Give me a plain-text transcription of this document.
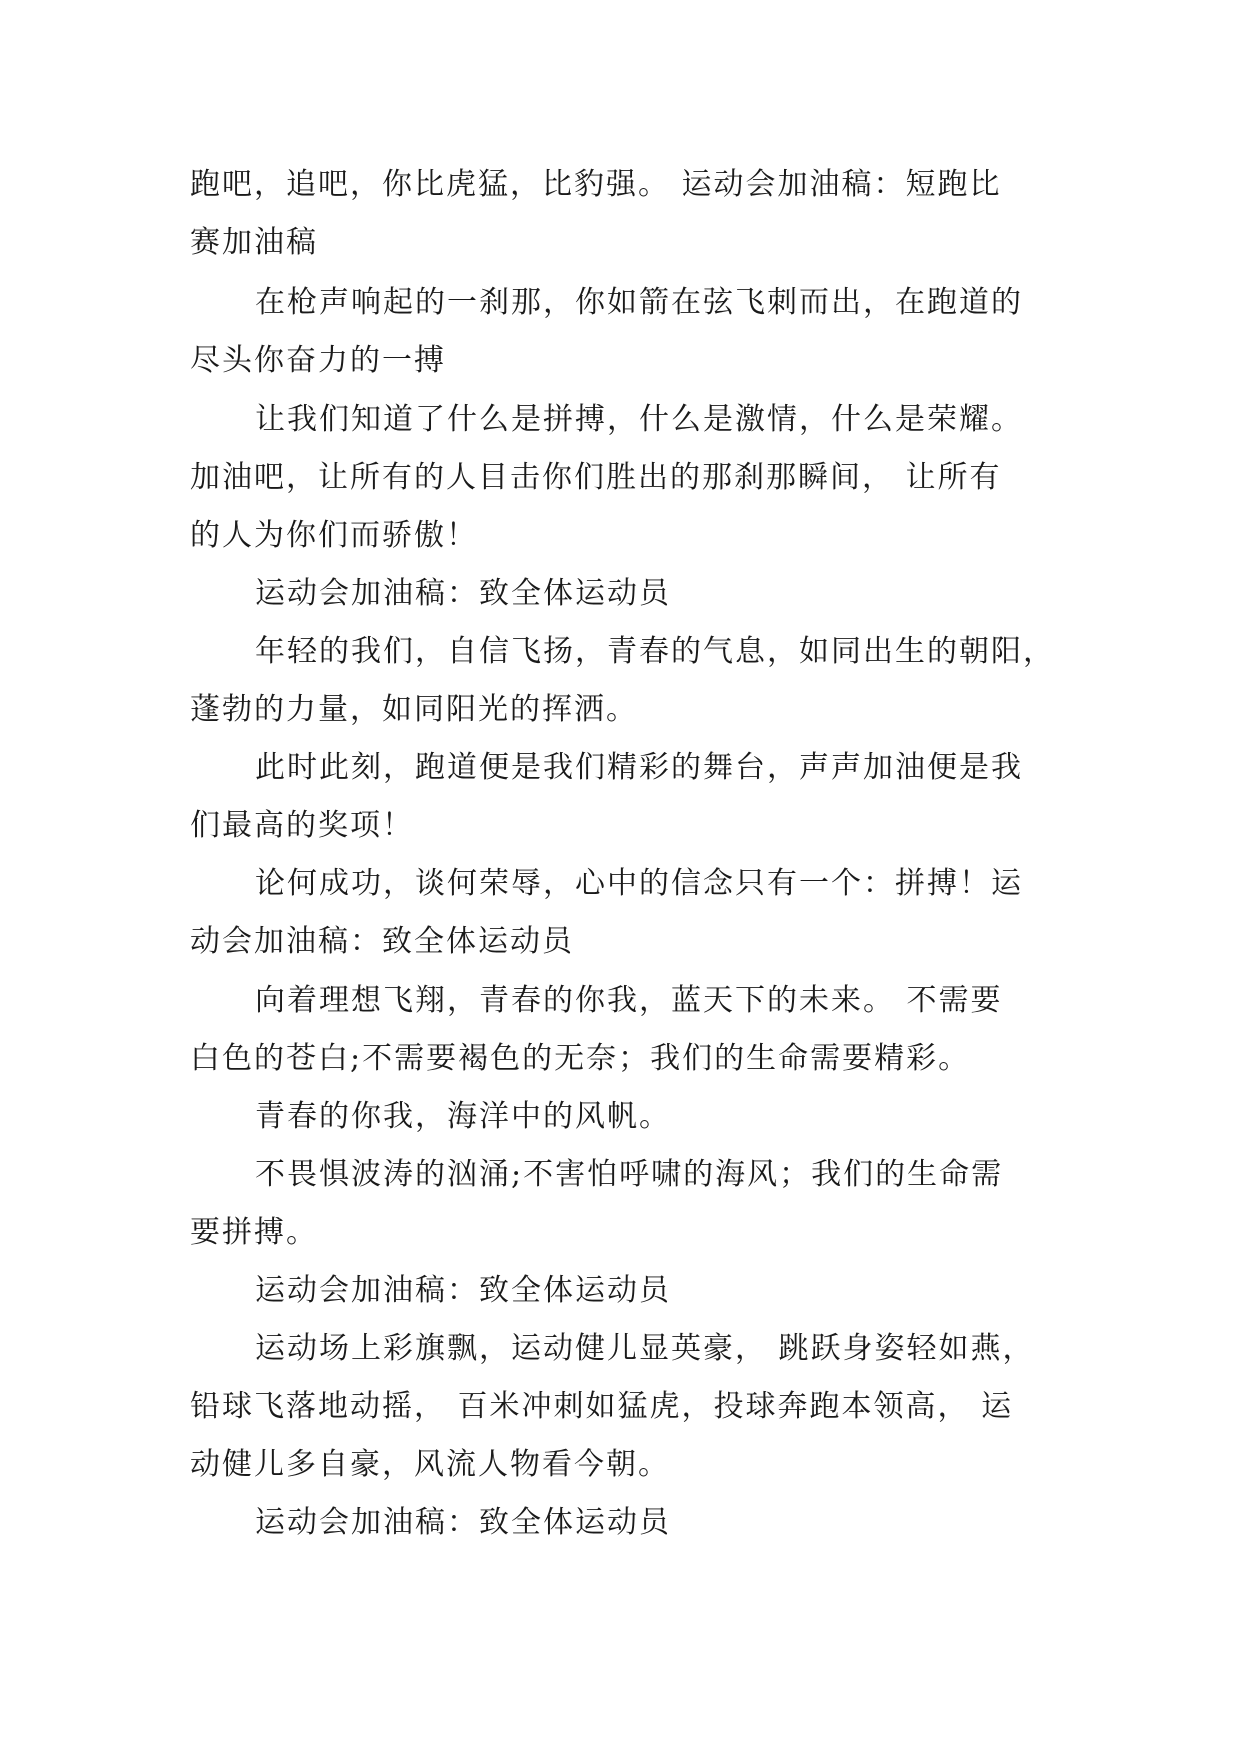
跑吧，追吧，你比虎猛，比豹强。 运动会加油稿：短跑比

赛加油稿

在枪声响起的一刹那，你如箭在弦飞刺而出，在跑道的

尽头你奋力的一搏

让我们知道了什么是拼搏，什么是激情，什么是荣耀。

加油吧，让所有的人目击你们胜出的那刹那瞬间， 让所有

的人为你们而骄傲！

运动会加油稿：致全体运动员

年轻的我们，自信飞扬，青春的气息，如同出生的朝阳，

蓬勃的力量，如同阳光的挥洒。

此时此刻，跑道便是我们精彩的舞台，声声加油便是我

们最高的奖项！

论何成功，谈何荣辱，心中的信念只有一个：拼搏！运

动会加油稿：致全体运动员

向着理想飞翔，青春的你我，蓝天下的未来。 不需要

白色的苍白;不需要褐色的无奈；我们的生命需要精彩。

青春的你我，海洋中的风帆。

不畏惧波涛的汹涌;不害怕呼啸的海风；我们的生命需

要拼搏。

运动会加油稿：致全体运动员

运动场上彩旗飘，运动健儿显英豪， 跳跃身姿轻如燕，

铅球飞落地动摇， 百米冲刺如猛虎，投球奔跑本领高， 运

动健儿多自豪，风流人物看今朝。

运动会加油稿：致全体运动员
